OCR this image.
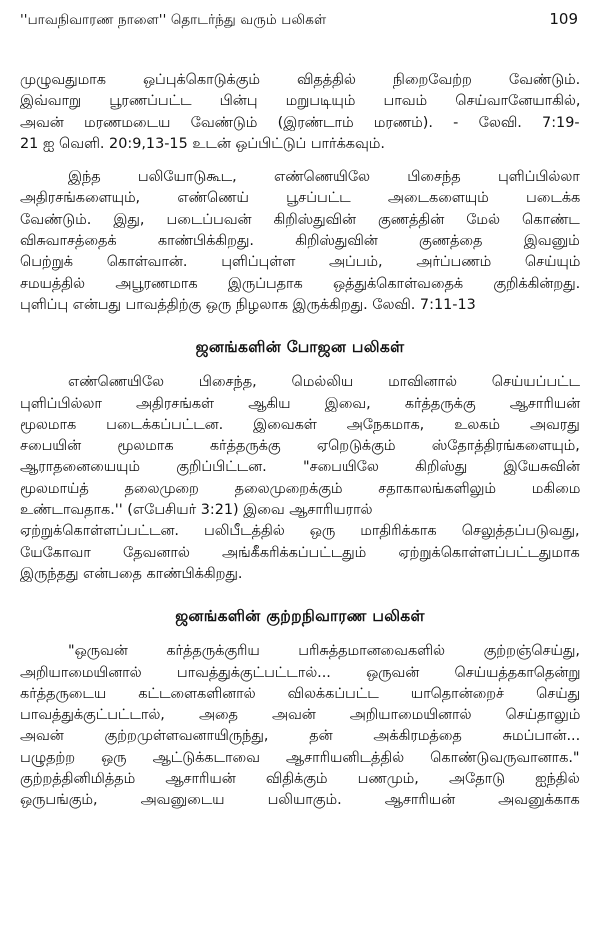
''பாவநிவாரண நாளை'' தொடர்ந்து வரும் பலிகள்	109

முழுவதுமாக ஒப்புக்கொடுக்கும் விதத்தில் நிறைவேற்ற வேண்டும்.
இவ்வாறு பூரணப்பட்ட பின்பு மறுபடியும் பாவம் செய்வானேயாகில்,
அவன் மரணமடைய வேண்டும் (இரண்டாம் மரணம்). - லேவி. 7:19-
21 ஐ வெளி. 20:9,13-15 உடன் ஒப்பிட்டுப் பார்க்கவும்.

இந்த பலியோடுகூட, எண்ணெயிலே பிசைந்த புளிப்பில்லா
அதிரசங்களையும், எண்ணெய் பூசப்பட்ட அடைகளையும் படைக்க
வேண்டும். இது, படைப்பவன் கிறிஸ்துவின் குணத்தின் மேல் கொண்ட
விசுவாசத்தைக் காண்பிக்கிறது. கிறிஸ்துவின் குணத்தை இவனும்
பெற்றுக் கொள்வான். புளிப்புள்ள அப்பம், அர்ப்பணம் செய்யும்
சமயத்தில் அபூரணமாக இருப்பதாக ஒத்துக்கொள்வதைக் குறிக்கின்றது.
புளிப்பு என்பது பாவத்திற்கு ஒரு நிழலாக இருக்கிறது. லேவி. 7:11-13

ஜனங்களின் போஜன பலிகள்

எண்ணெயிலே பிசைந்த, மெல்லிய மாவினால் செய்யப்பட்ட
புளிப்பில்லா அதிரசங்கள் ஆகிய இவை, கர்த்தருக்கு ஆசாரியன்
மூலமாக படைக்கப்பட்டன. இவைகள் அநேகமாக, உலகம் அவரது
சபையின் மூலமாக கர்த்தருக்கு ஏறெடுக்கும் ஸ்தோத்திரங்களையும்,
ஆராதனையையும் குறிப்பிட்டன. "சபையிலே கிறிஸ்து இயேசுவின்
மூலமாய்த் தலைமுறை தலைமுறைக்கும் சதாகாலங்களிலும் மகிமை
உண்டாவதாக.'' (எபேசியர் 3:21) இவை ஆசாரியரால்
ஏற்றுக்கொள்ளப்பட்டன. பலிபீடத்தில் ஒரு மாதிரிக்காக செலுத்தப்படுவது,
யேகோவா தேவனால் அங்கீகரிக்கப்பட்டதும் ஏற்றுக்கொள்ளப்பட்டதுமாக
இருந்தது என்பதை காண்பிக்கிறது.

ஜனங்களின் குற்றநிவாரண பலிகள்

"ஒருவன் கர்த்தருக்குரிய பரிசுத்தமானவைகளில் குற்றஞ்செய்து,
அறியாமையினால் பாவத்துக்குட்பட்டால்... ஒருவன் செய்யத்தகாதென்று
கர்த்தருடைய கட்டளைகளினால் விலக்கப்பட்ட யாதொன்றைச் செய்து
பாவத்துக்குட்பட்டால், அதை அவன் அறியாமையினால் செய்தாலும்
அவன் குற்றமுள்ளவனாயிருந்து, தன் அக்கிரமத்தை சுமப்பான்...
பழுதற்ற ஒரு ஆட்டுக்கடாவை ஆசாரியனிடத்தில் கொண்டுவருவானாக."
குற்றத்தினிமித்தம் ஆசாரியன் விதிக்கும் பணமும், அதோடு ஐந்தில்
ஒருபங்கும், அவனுடைய பலியாகும். ஆசாரியன் அவனுக்காக
